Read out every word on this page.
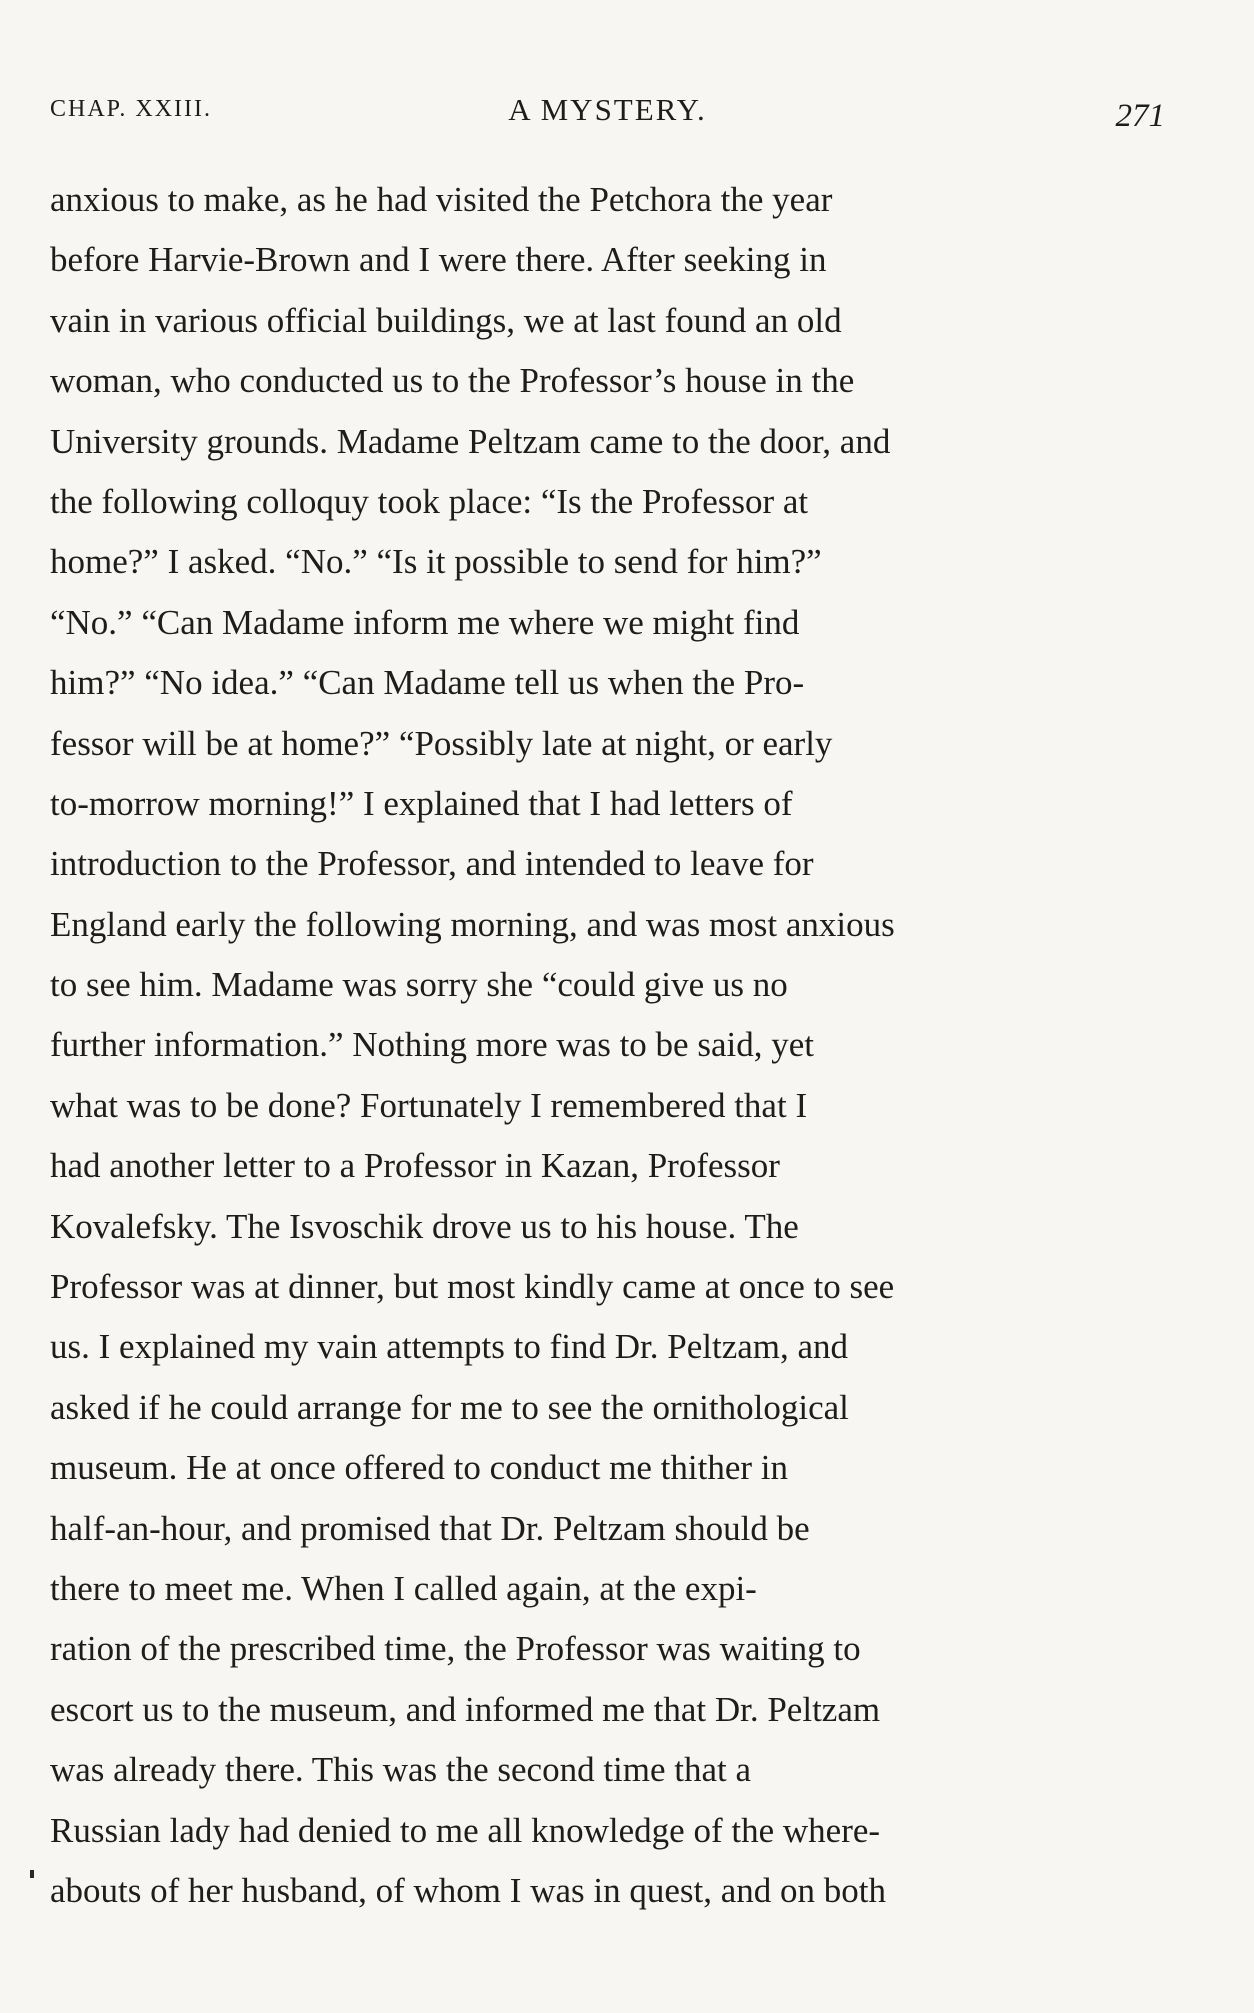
CHAP. XXIII.	A MYSTERY.	271
anxious to make, as he had visited the Petchora the year
before Harvie-Brown and I were there. After seeking in
vain in various official buildings, we at last found an old
woman, who conducted us to the Professor’s house in the
University grounds. Madame Peltzam came to the door, and
the following colloquy took place: “Is the Professor at
home?” I asked. “No.” “Is it possible to send for him?”
“No.” “Can Madame inform me where we might find
him?” “No idea.” “Can Madame tell us when the Pro-
fessor will be at home?” “Possibly late at night, or early
to-morrow morning!” I explained that I had letters of
introduction to the Professor, and intended to leave for
England early the following morning, and was most anxious
to see him. Madame was sorry she “could give us no
further information.” Nothing more was to be said, yet
what was to be done? Fortunately I remembered that I
had another letter to a Professor in Kazan, Professor
Kovalefsky. The Isvoschik drove us to his house. The
Professor was at dinner, but most kindly came at once to see
us. I explained my vain attempts to find Dr. Peltzam, and
asked if he could arrange for me to see the ornithological
museum. He at once offered to conduct me thither in
half-an-hour, and promised that Dr. Peltzam should be
there to meet me. When I called again, at the expi-
ration of the prescribed time, the Professor was waiting to
escort us to the museum, and informed me that Dr. Peltzam
was already there. This was the second time that a
Russian lady had denied to me all knowledge of the where-
abouts of her husband, of whom I was in quest, and on both
